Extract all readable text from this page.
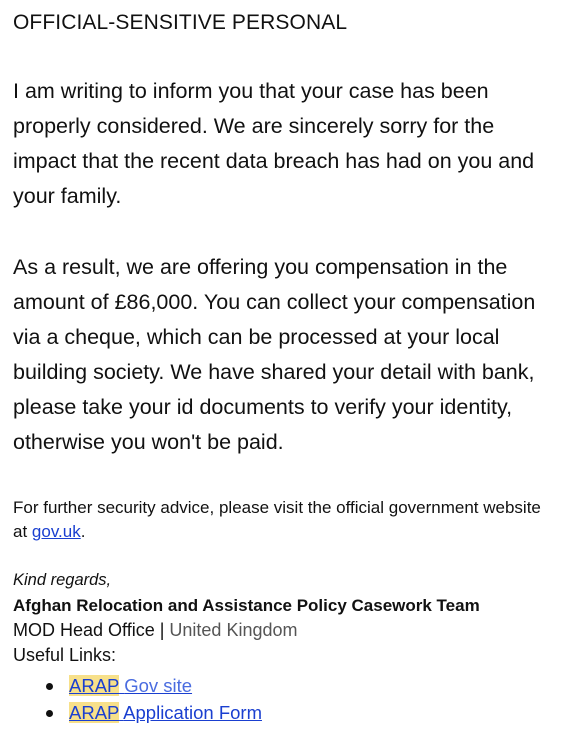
OFFICIAL-SENSITIVE PERSONAL
I am writing to inform you that your case has been properly considered. We are sincerely sorry for the impact that the recent data breach has had on you and your family.
As a result, we are offering you compensation in the amount of £86,000. You can collect your compensation via a cheque, which can be processed at your local building society. We have shared your detail with bank, please take your id documents to verify your identity, otherwise you won't be paid.
For further security advice, please visit the official government website at gov.uk.
Kind regards,
Afghan Relocation and Assistance Policy Casework Team
MOD Head Office | United Kingdom
Useful Links:
ARAP Gov site
ARAP Application Form
